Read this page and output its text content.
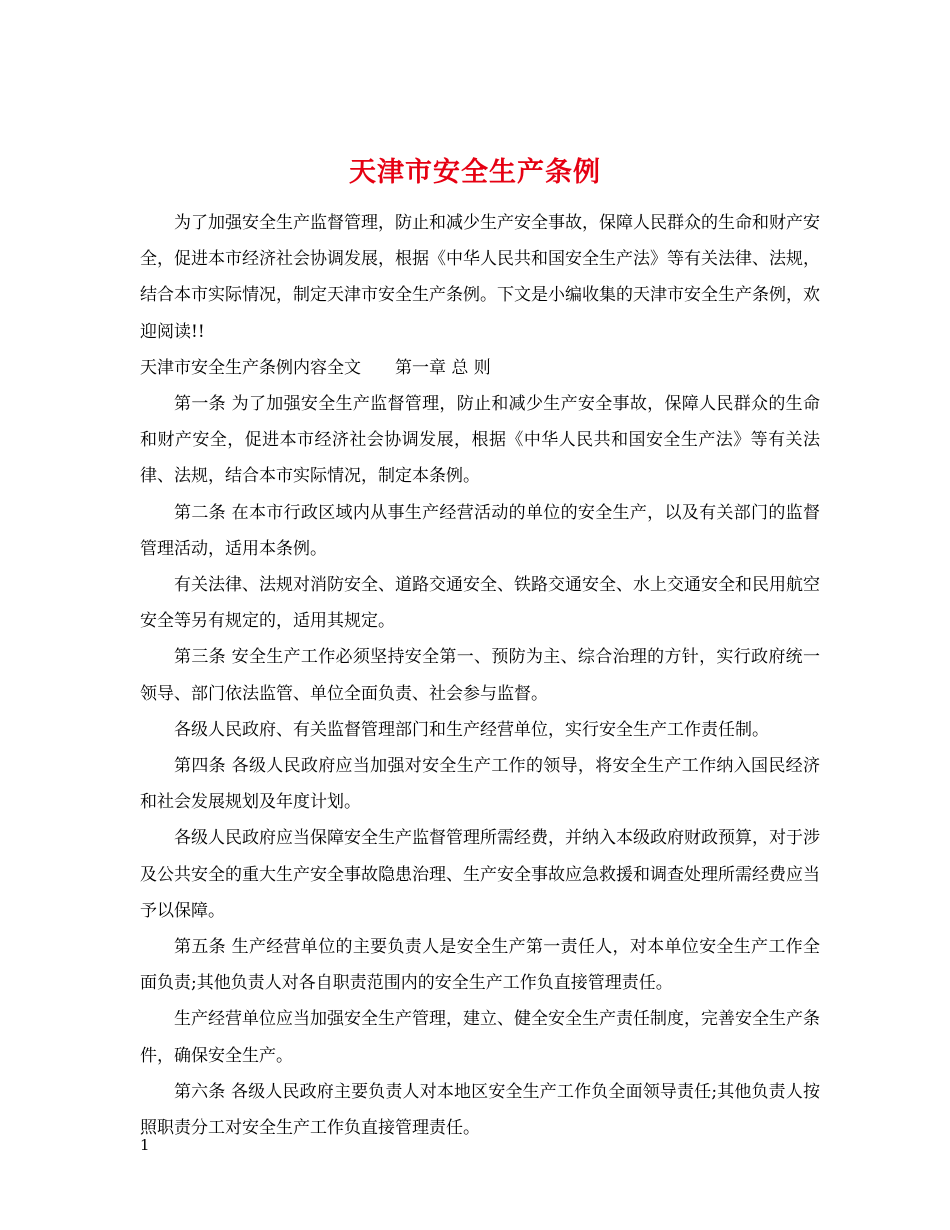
天津市安全生产条例

为了加强安全生产监督管理，防止和减少生产安全事故，保障人民群众的生命和财产安全，促进本市经济社会协调发展，根据《中华人民共和国安全生产法》等有关法律、法规，结合本市实际情况，制定天津市安全生产条例。下文是小编收集的天津市安全生产条例，欢迎阅读!!

天津市安全生产条例内容全文　　第一章 总 则

第一条 为了加强安全生产监督管理，防止和减少生产安全事故，保障人民群众的生命和财产安全，促进本市经济社会协调发展，根据《中华人民共和国安全生产法》等有关法律、法规，结合本市实际情况，制定本条例。

第二条 在本市行政区域内从事生产经营活动的单位的安全生产，以及有关部门的监督管理活动，适用本条例。

有关法律、法规对消防安全、道路交通安全、铁路交通安全、水上交通安全和民用航空安全等另有规定的，适用其规定。

第三条 安全生产工作必须坚持安全第一、预防为主、综合治理的方针，实行政府统一领导、部门依法监管、单位全面负责、社会参与监督。

各级人民政府、有关监督管理部门和生产经营单位，实行安全生产工作责任制。

第四条 各级人民政府应当加强对安全生产工作的领导，将安全生产工作纳入国民经济和社会发展规划及年度计划。

各级人民政府应当保障安全生产监督管理所需经费，并纳入本级政府财政预算，对于涉及公共安全的重大生产安全事故隐患治理、生产安全事故应急救援和调查处理所需经费应当予以保障。

第五条 生产经营单位的主要负责人是安全生产第一责任人，对本单位安全生产工作全面负责;其他负责人对各自职责范围内的安全生产工作负直接管理责任。

生产经营单位应当加强安全生产管理，建立、健全安全生产责任制度，完善安全生产条件，确保安全生产。

第六条 各级人民政府主要负责人对本地区安全生产工作负全面领导责任;其他负责人按照职责分工对安全生产工作负直接管理责任。

1
